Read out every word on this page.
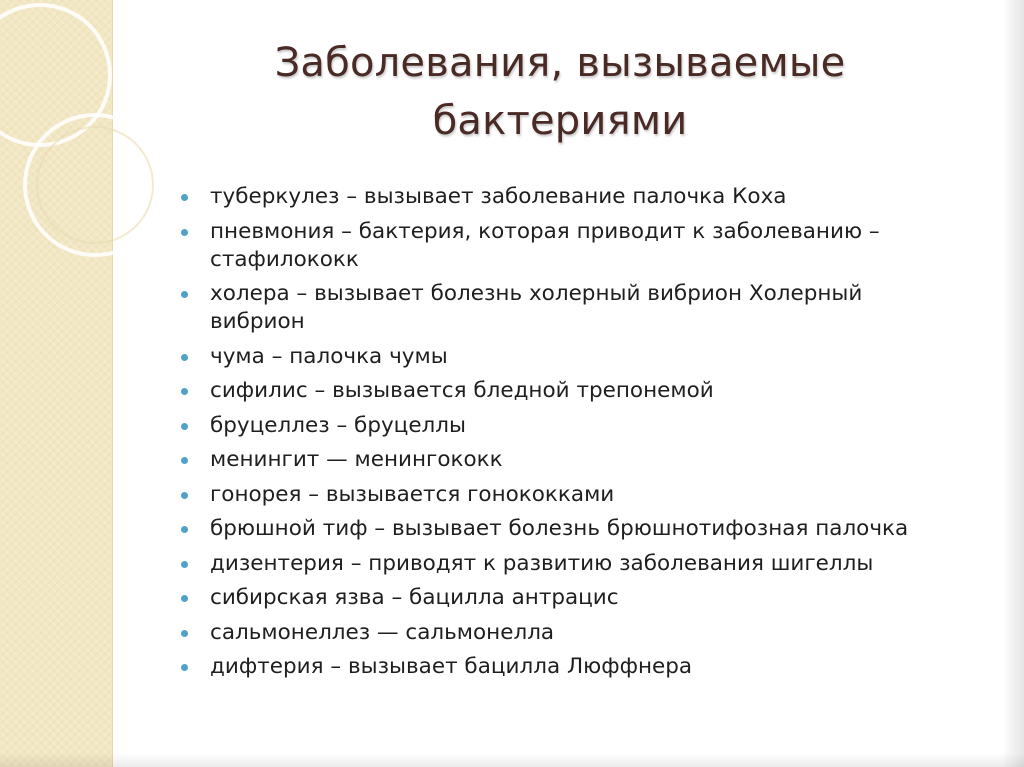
Заболевания, вызываемые бактериями
туберкулез – вызывает заболевание палочка Коха
пневмония – бактерия, которая приводит к заболеванию – стафилококк
холера – вызывает болезнь холерный вибрион Холерный вибрион
чума – палочка чумы
сифилис – вызывается бледной трепонемой
бруцеллез – бруцеллы
менингит — менингококк
гонорея – вызывается гонококками
брюшной тиф – вызывает болезнь брюшнотифозная палочка
дизентерия – приводят к развитию заболевания шигеллы
сибирская язва – бацилла антрацис
сальмонеллез — сальмонелла
дифтерия – вызывает бацилла Люффнера
